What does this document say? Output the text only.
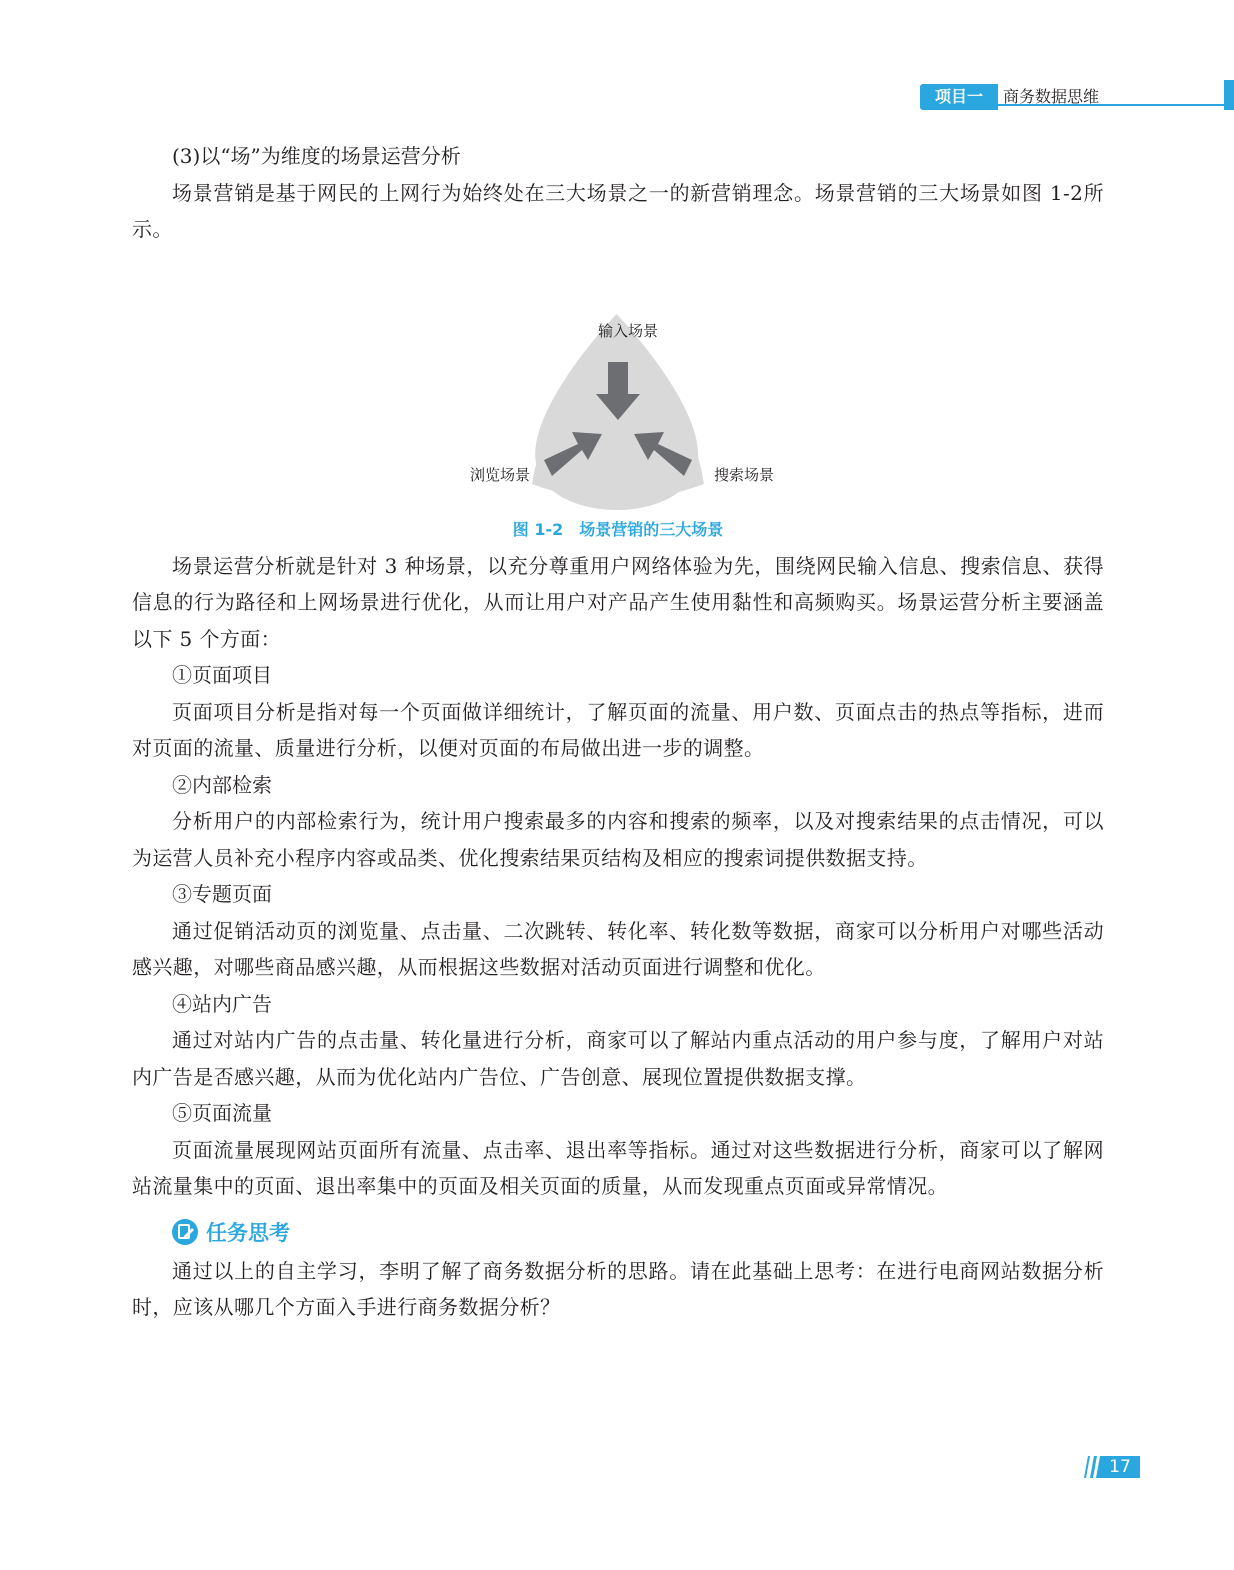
项目一	商务数据思维

(3)以“场”为维度的场景运营分析

场景营销是基于网民的上网行为始终处在三大场景之一的新营销理念。场景营销的三大场景如图 1-2所示。

输入场景
浏览场景	搜索场景
图 1-2　场景营销的三大场景

场景运营分析就是针对 3 种场景，以充分尊重用户网络体验为先，围绕网民输入信息、搜索信息、获得信息的行为路径和上网场景进行优化，从而让用户对产品产生使用黏性和高频购买。场景运营分析主要涵盖以下 5 个方面：

①页面项目

页面项目分析是指对每一个页面做详细统计，了解页面的流量、用户数、页面点击的热点等指标，进而对页面的流量、质量进行分析，以便对页面的布局做出进一步的调整。

②内部检索

分析用户的内部检索行为，统计用户搜索最多的内容和搜索的频率，以及对搜索结果的点击情况，可以为运营人员补充小程序内容或品类、优化搜索结果页结构及相应的搜索词提供数据支持。

③专题页面

通过促销活动页的浏览量、点击量、二次跳转、转化率、转化数等数据，商家可以分析用户对哪些活动感兴趣，对哪些商品感兴趣，从而根据这些数据对活动页面进行调整和优化。

④站内广告

通过对站内广告的点击量、转化量进行分析，商家可以了解站内重点活动的用户参与度，了解用户对站内广告是否感兴趣，从而为优化站内广告位、广告创意、展现位置提供数据支撑。

⑤页面流量

页面流量展现网站页面所有流量、点击率、退出率等指标。通过对这些数据进行分析，商家可以了解网站流量集中的页面、退出率集中的页面及相关页面的质量，从而发现重点页面或异常情况。

任务思考

通过以上的自主学习，李明了解了商务数据分析的思路。请在此基础上思考：在进行电商网站数据分析时，应该从哪几个方面入手进行商务数据分析？

17
